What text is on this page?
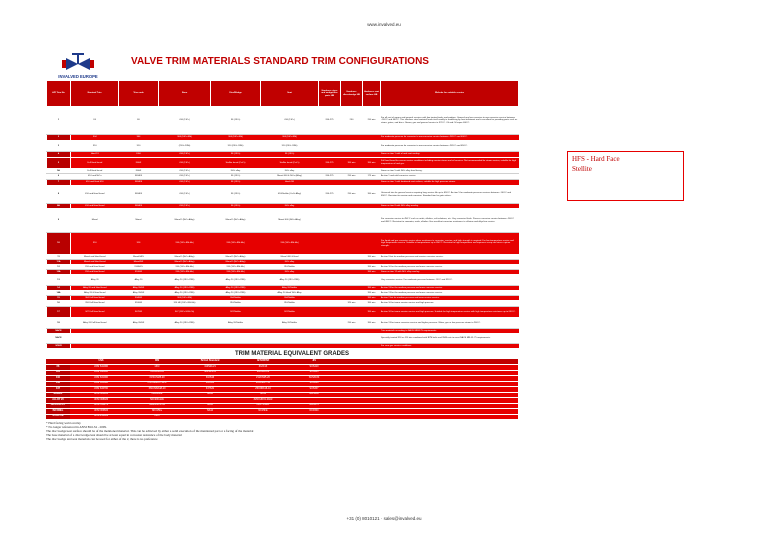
www.invalved.eu
INVALVED EUROPE
VALVE TRIM MATERIALS STANDARD TRIM CONFIGURATIONS
API Trim No	Nominal Trim	Trim code	Stem	Disc/Wedge	Seat	Hardness stem and wedge/disc parts HB	Hardness discs/wedge HB	Hardness seat surface HB	Website for suitable service
1	F6	F6	410 (13Cr)	F6 (13Cr)	410 (13Cr)	200-275	250	250 min	For all sort of vapors and general services with low treated tanks and wedges. General any low corrosive to non-corrosive service between -100°C and 400°C. This stainless steel material lends itself readily to hardening by heat treatment and is excellent for providing parts such as stems, gates, and discs. Steam, gas and general service to 370°C. Oil and Oil vapor 400°C.
2	304	304	304 (18Cr-8Ni)	304 (18Cr-8Ni)	304 (18Cr-8Ni)				For moderate pressure for corrosive to non-corrosive service between -265°C and 400°C.
3	310	310	(25Cr-20Ni)	310 (25Cr-20Ni)	310 (25Cr-20Ni)				For moderate pressure for corrosive to non-corrosive service between -265°C and 450°C.
4	Hard 13	F6H	410 (13Cr)	F6 (13Cr)	F6 (13Cr)				Same as trim 1 with a hard seat overlay.
5	Full Hard faced	F6HF	410 (13Cr)	Stellite faced (CoCr)	Stellite faced (CoCr)	200-275	350 min	350 min	Full hard faced for severe service conditions including erosive steam and oil services. Not recommended for steam service; suitable for high temperature oil and gas.
5A	Full Hard faced	F6HF	410 (13Cr)	NiCr alloy	NiCr alloy				Same as trim 5 with NiCr alloy hard facing.
6	410 and NiCu	F6/HF5	410 (13Cr)	F6 (13Cr)	Monel 400 & NiCu (Alloy)	200-275	250 min	175 min	As trim 1 and mild corrosive service.
7	410 and Hard 410	F6/HF6	410 (13Cr)	F6 (13Cr)	Hard 410				Same as trim 1 with hardened seat surface; suitable for high pressure steam.
8	410 and Hard faced	F6/HF5	410 (13Cr)	F6 (13Cr)	410/Stellite (CoCr Alloy)	200-275	250 min	350 min	Universal trim for general service requiring long service life up to 650°C. As trim 5 for moderate pressure services between -100°C and 650°C. Resistant to erosion and corrosion. Standard trim for gate valves.
8A	410 and Hard faced	F6/HF5	410 (13Cr)	F6 (13Cr)	NiCr alloy				Same as trim 8 with NiCr alloy overlay.
9	Monel	Monel	Monel® (NiCu Alloy)	Monel® (NiCu Alloy)	Monel 400 (NiCu Alloy)				For corrosive service to 450°C such as acids, alkalies, salt solutions, etc. Very corrosive fluids. Process corrosive service between -240°C and 480°C. Resistant to seawater, acids, alkalies. Has excellent corrosion resistance to chlorine and alkyd ion service.
10	316	316	316 (18Cr-8Ni-Mo)	316 (18Cr-8Ni-Mo)	316 (18Cr-8Ni-Mo)				For liquid and gas corrosive service when resistance to corrosion, erosion, and high strength is required. For low temperature service and high temperature service. Suitable at temperatures up to 650°C. Resistant to high temperature and improves creep and stress rupture strength.
11	Monel and Hard faced	Monel/HF5	Monel® (NiCu Alloy)	Monel® (NiCu Alloy)	Monel 400 & Hard			350 min	As trim 9 but for medium pressure and erosive corrosive service.
11A	Monel and Hard faced	Monel/HF	Monel® (NiCu Alloy)	Monel® (NiCu Alloy)	NiCr alloy				
12	316 and Hard faced	316/HF5	316 (18Cr-8Ni-Mo)	316 (18Cr-8Ni-Mo)	316/Stellite			350 min	As trim 10 but for medium pressure and more corrosive service.
12A	316 and Hard faced	316/HF	316 (18Cr-8Ni-Mo)	316 (18Cr-8Ni-Mo)	NiCr alloy			350 min	Same as trim 12 with NiCr alloy overlay.
13	Alloy 20	Alloy 20	Alloy 20 (19Cr-29Ni)	Alloy 20 (19Cr-29Ni)	Alloy 20 (19Cr-29Ni)				Very corrosive service. For moderate pressure between -30°C and 320°C.
14	Alloy 20 and Hard faced	Alloy 20/HF	Alloy 20 (19Cr-29Ni)	Alloy 20 (19Cr-29Ni)	Alloy 20/Stellite			350 min	As trim 13 but for medium pressure and more corrosive service.
14A	Alloy 20 & Hard faced	Alloy 20/HF	Alloy 20 (19Cr-29Ni)	Alloy 20 (19Cr-29Ni)	Alloy 20 Hard/ NiCr Alloy			350 min	As trim 13 but for medium pressure and more corrosive service.
15	304 Full Hard faced	304/HF	304 (18Cr-8Ni)	304/Stellite	304/Stellite			350 min	As trim 2 but for medium pressure and more erosive service.
16	316 Full Hard faced	316/HF	316 HF (18Cr-8Ni-Mo)	316/Stellite	316/Stellite		320 min	350 min	As trim 10 but more erosive service and high pressure.
17	347 Full Hard faced	347/HF	347 (18Cr-10Ni-Cb)	347/Stellite	347/Stellite			350 min	As trim 10 but more erosive service and high pressure. Suitable for high temperature service with high temperature resistance up to 650°C.
18	Alloy 20 Full Hard faced	Alloy 20/HF	Alloy 20 (19Cr-29Ni)	Alloy 20/Stellite	Alloy 20/Stellite		250 min	350 min	As trim 13 but more corrosive service and higher pressure. Water, gas or low pressure steam to 260°C.
NACE									Trim materials according to NACE MR0175 requirements.
NACE									Specially treated 316 or 410 trim combined with B7M bolts and 2HM nuts to meet NACE MR-01-75 requirements.
SOUR									For sour gas service conditions.
TRIM MATERIAL EQUIVALENT GRADES
	UNS	DIN	British Standard	AFNOR/NF	JIS	
F6	UNS S41000	13Cr	410S21/21	Z12C13	SUS410	
304	UNS S30400	X5CrNi18-10	304S15/31	Z6CN18-09	SUS304	
310	UNS S31000	X15CrNi25-20	310S16	Z12CN25-20	SUS310S	
316	UNS S31600	X5CrNiMo17-12-2	316S31	Z6CND17-11	SUS316	
347	UNS S34700	X6CrNiNb18-10	347S31	Z6CNNb18-10	SUS347	
MONEL	UNS N04400	NiCu30Fe	NA13	NU30	NW4400	
ALLOY 20	UNS N08020	NiCr20CuMo		Z2NCUD31-20AZ		
HASTELLOY	UNS N10276	NiMo16Cr15W	NA45	NC17D16W	NW0276	
INCONEL	UNS N06600	NiCr15Fe	NA14	NC15FE	NCF600	
STELLITE	UNS R30006	CoCr				
* Hard facing weld overlay
* No longer referenced in ANSI B16.34 - 2009.
The disc/wedge/seat surface should be of the mentioned material. This can be achieved by either a solid execution of the mentioned part or a facing of the material
The base material of a disc/wedge/seat should be at least equal in corrosion resistance of the body material
The disc/wedge and seat materials can be used for either of the 2, there is no preference
HFS - Hard Face
Stellite
+31 (0) 8010121 · sales@invalved.eu
